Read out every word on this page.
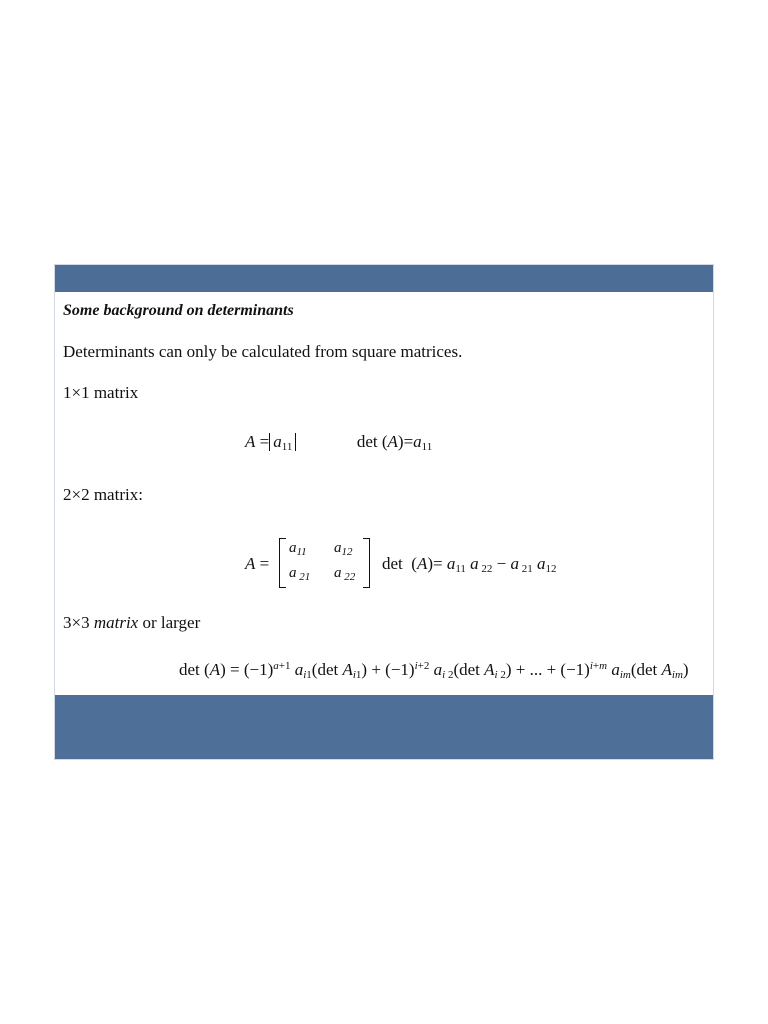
Some background on determinants
Determinants can only be calculated from square matrices.
1×1 matrix
$A = a_{11}$	$\det (A)=a_{11}$
2×2 matrix:
A =
$a_{11}$ $a_{12}$
a $_{21}$ a $_{22}$
$\det (A)= a_{11}$ a $_{22}$ − a $_{21}$ $a_{12}$
3×3 matrix or larger
$\det (A) = (-1)^{a+1}$ $a_{i1}(\det$ $A_{i1}) + (-1)^{i+2}$ $a_{i 2}(\det$ $A_{i 2}$) + ... + $(-1)^{i+m}$ $a_{im}(\det$ $A_{im}$)
